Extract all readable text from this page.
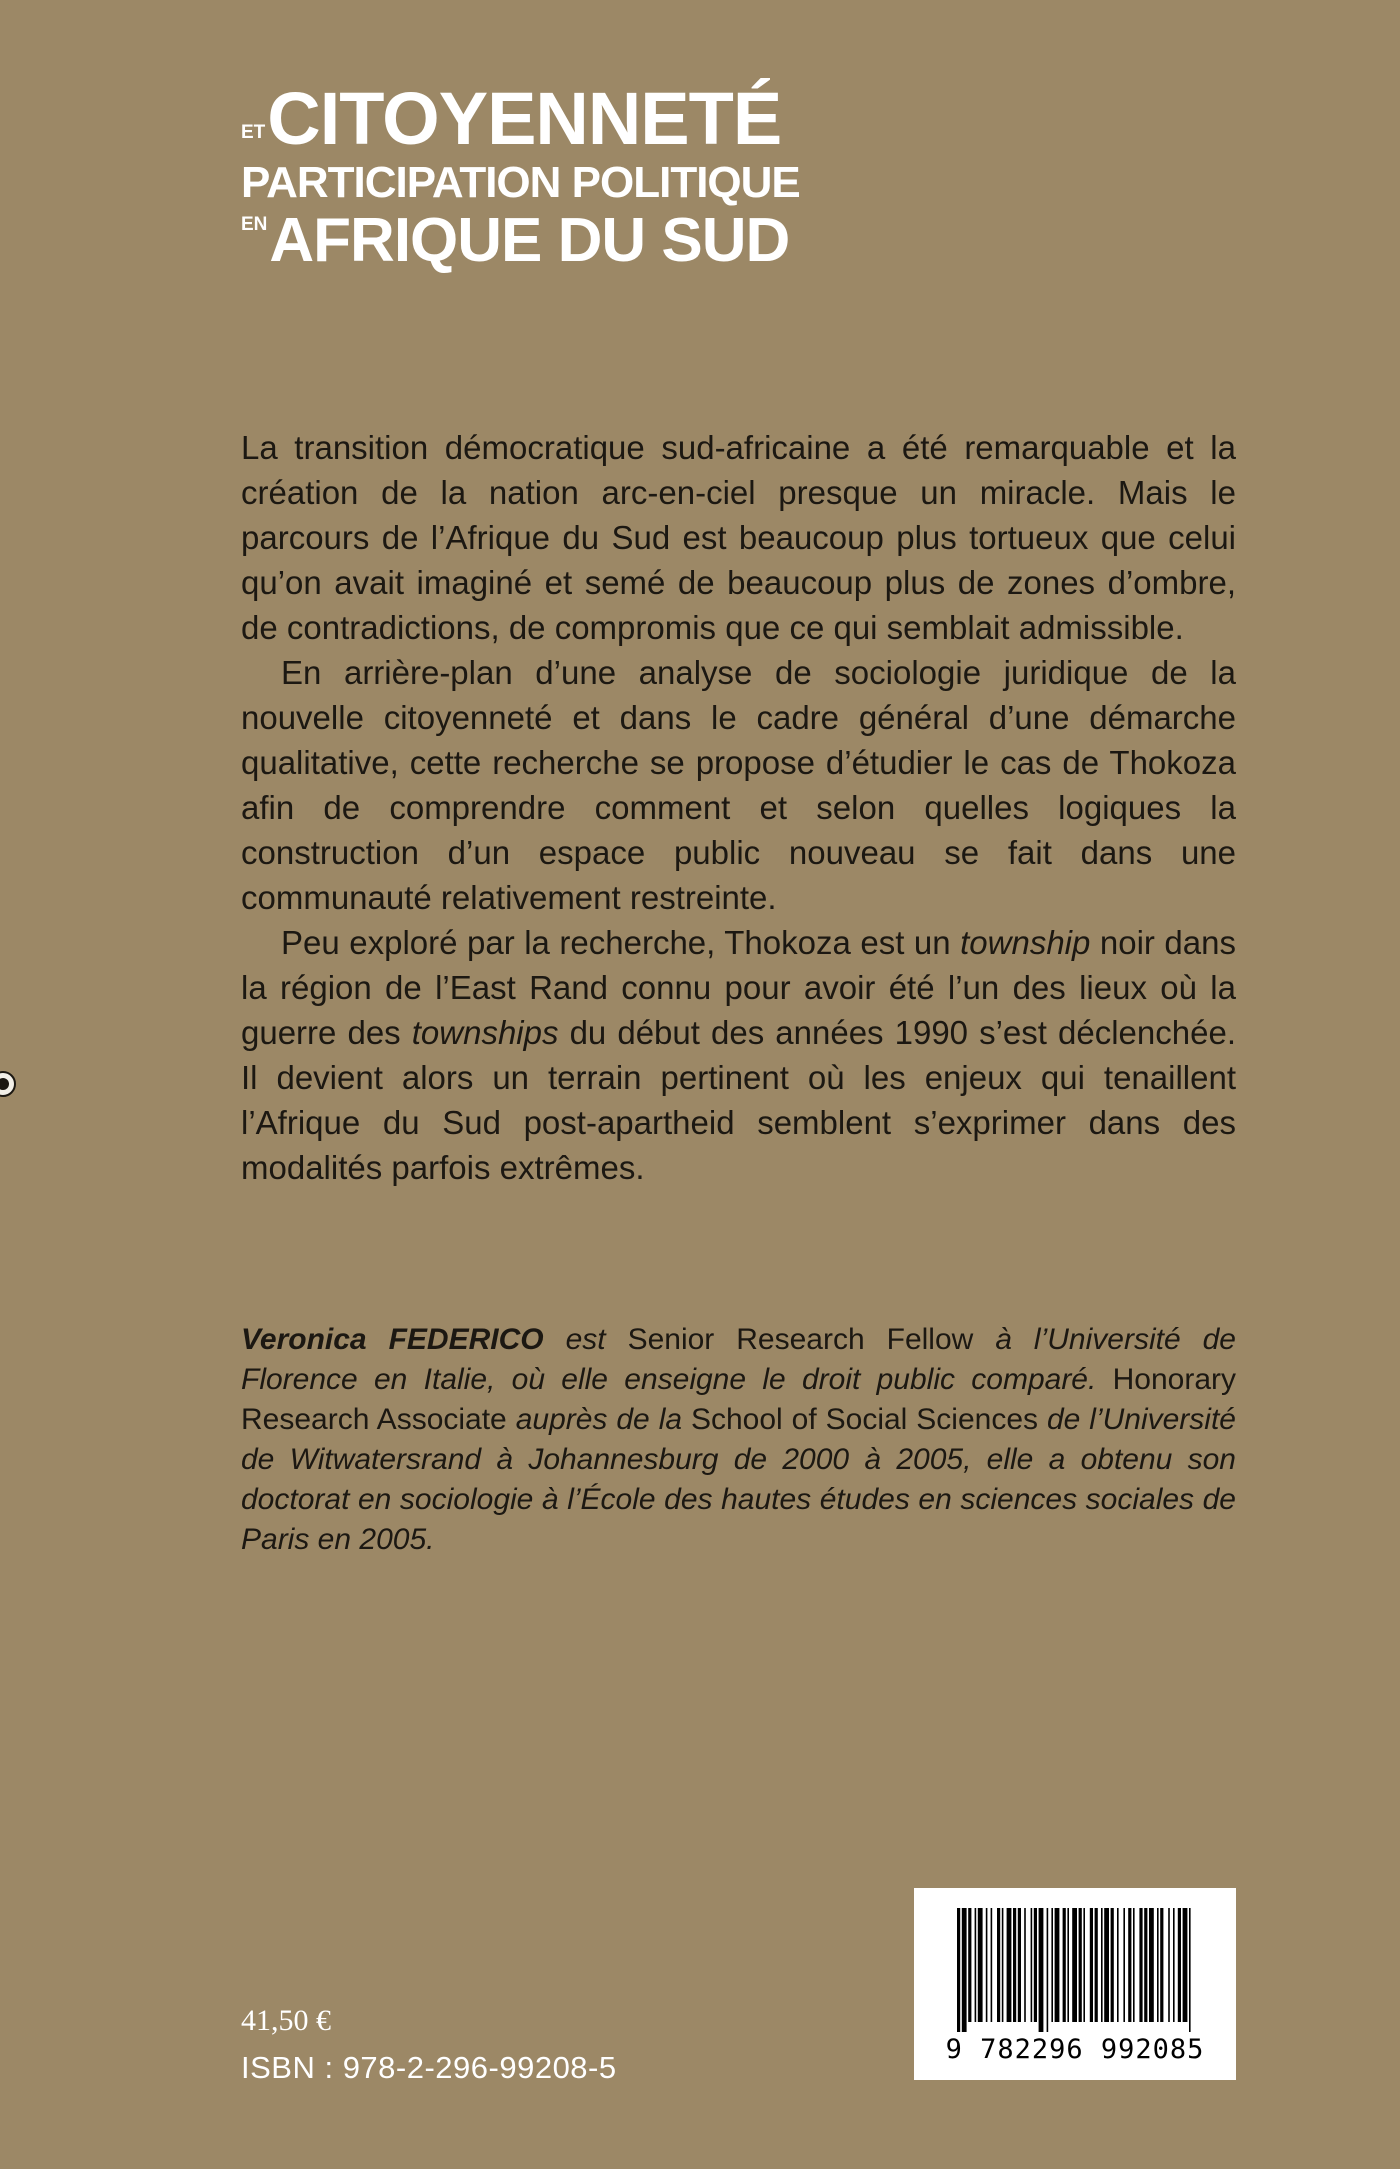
ET CITOYENNETÉ
PARTICIPATION POLITIQUE
EN AFRIQUE DU SUD

La transition démocratique sud-africaine a été remarquable et la création de la nation arc-en-ciel presque un miracle. Mais le parcours de l’Afrique du Sud est beaucoup plus tortueux que celui qu’on avait imaginé et semé de beaucoup plus de zones d’ombre, de contradictions, de compromis que ce qui semblait admissible.

En arrière-plan d’une analyse de sociologie juridique de la nouvelle citoyenneté et dans le cadre général d’une démarche qualitative, cette recherche se propose d’étudier le cas de Thokoza afin de comprendre comment et selon quelles logiques la construction d’un espace public nouveau se fait dans une communauté relativement restreinte.

Peu exploré par la recherche, Thokoza est un township noir dans la région de l’East Rand connu pour avoir été l’un des lieux où la guerre des townships du début des années 1990 s’est déclenchée. Il devient alors un terrain pertinent où les enjeux qui tenaillent l’Afrique du Sud post-apartheid semblent s’exprimer dans des modalités parfois extrêmes.

Veronica FEDERICO est Senior Research Fellow à l’Université de Florence en Italie, où elle enseigne le droit public comparé. Honorary Research Associate auprès de la School of Social Sciences de l’Université de Witwatersrand à Johannesburg de 2000 à 2005, elle a obtenu son doctorat en sociologie à l’École des hautes études en sciences sociales de Paris en 2005.

41,50 €
ISBN : 978-2-296-99208-5
9 782296 992085
